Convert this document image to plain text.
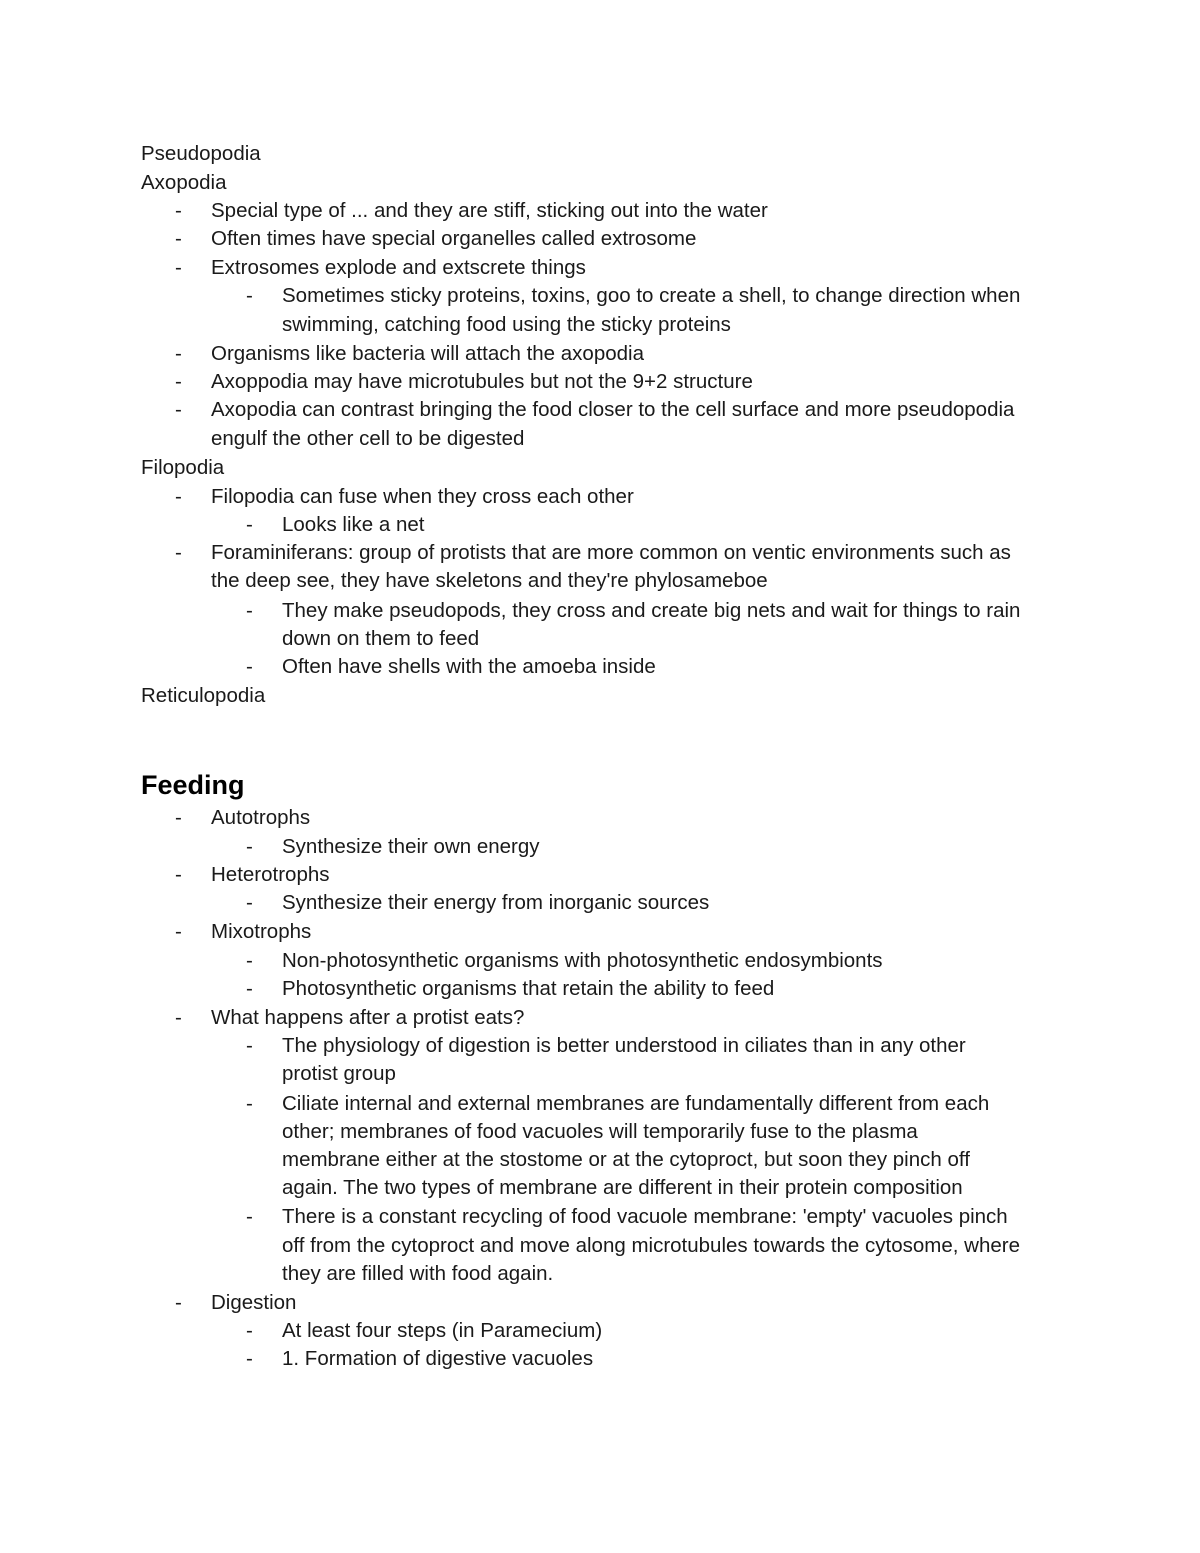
Pseudopodia
Axopodia
- Special type of ... and they are stiff, sticking out into the water
- Often times have special organelles called extrosome
- Extrosomes explode and extscrete things
- Sometimes sticky proteins, toxins, goo to create a shell, to change direction when
swimming, catching food using the sticky proteins
- Organisms like bacteria will attach the axopodia
- Axoppodia may have microtubules but not the 9+2 structure
- Axopodia can contrast bringing the food closer to the cell surface and more pseudopodia
engulf the other cell to be digested
Filopodia
- Filopodia can fuse when they cross each other
- Looks like a net
- Foraminiferans: group of protists that are more common on ventic environments such as
the deep see, they have skeletons and they're phylosameboe
- They make pseudopods, they cross and create big nets and wait for things to rain
down on them to feed
- Often have shells with the amoeba inside
Reticulopodia
Feeding
- Autotrophs
- Synthesize their own energy
- Heterotrophs
- Synthesize their energy from inorganic sources
- Mixotrophs
- Non-photosynthetic organisms with photosynthetic endosymbionts
- Photosynthetic organisms that retain the ability to feed
- What happens after a protist eats?
- The physiology of digestion is better understood in ciliates than in any other
protist group
- Ciliate internal and external membranes are fundamentally different from each
other; membranes of food vacuoles will temporarily fuse to the plasma
membrane either at the stostome or at the cytoproct, but soon they pinch off
again. The two types of membrane are different in their protein composition
- There is a constant recycling of food vacuole membrane: 'empty' vacuoles pinch
off from the cytoproct and move along microtubules towards the cytosome, where
they are filled with food again.
- Digestion
- At least four steps (in Paramecium)
- 1. Formation of digestive vacuoles
